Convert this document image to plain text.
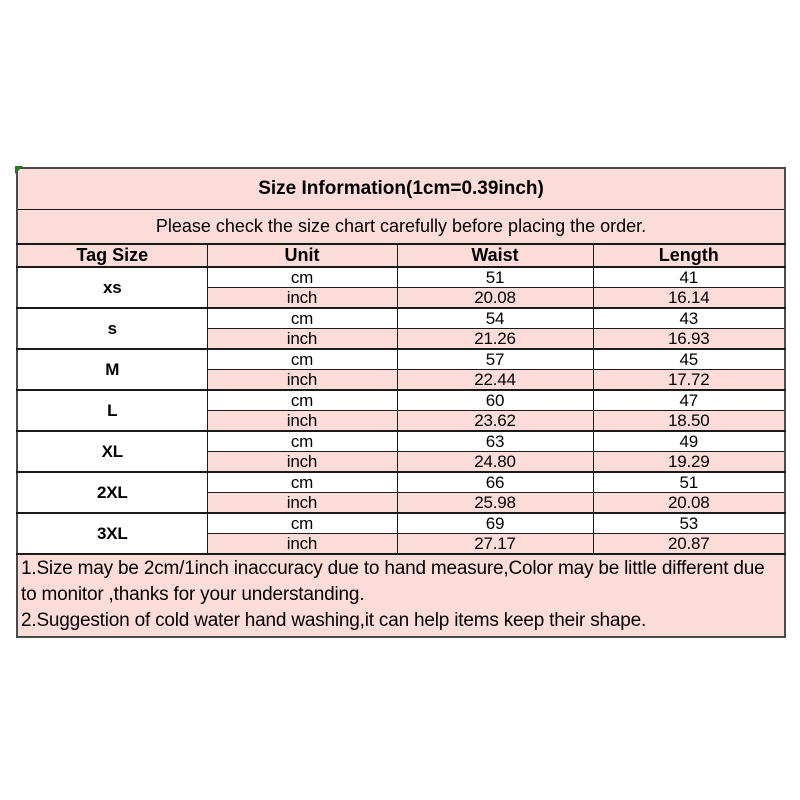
Size Information(1cm=0.39inch)			
Please check the size chart carefully before placing the order.			
Tag Size	Unit	Waist	Length
xs	cm	51	41
	inch	20.08	16.14
s	cm	54	43
	inch	21.26	16.93
M	cm	57	45
	inch	22.44	17.72
L	cm	60	47
	inch	23.62	18.50
XL	cm	63	49
	inch	24.80	19.29
2XL	cm	66	51
	inch	25.98	20.08
3XL	cm	69	53
	inch	27.17	20.87

1.Size may be 2cm/1inch inaccuracy due to hand measure,Color may be little different due to monitor ,thanks for your understanding.

2.Suggestion of cold water hand washing,it can help items keep their shape.			
